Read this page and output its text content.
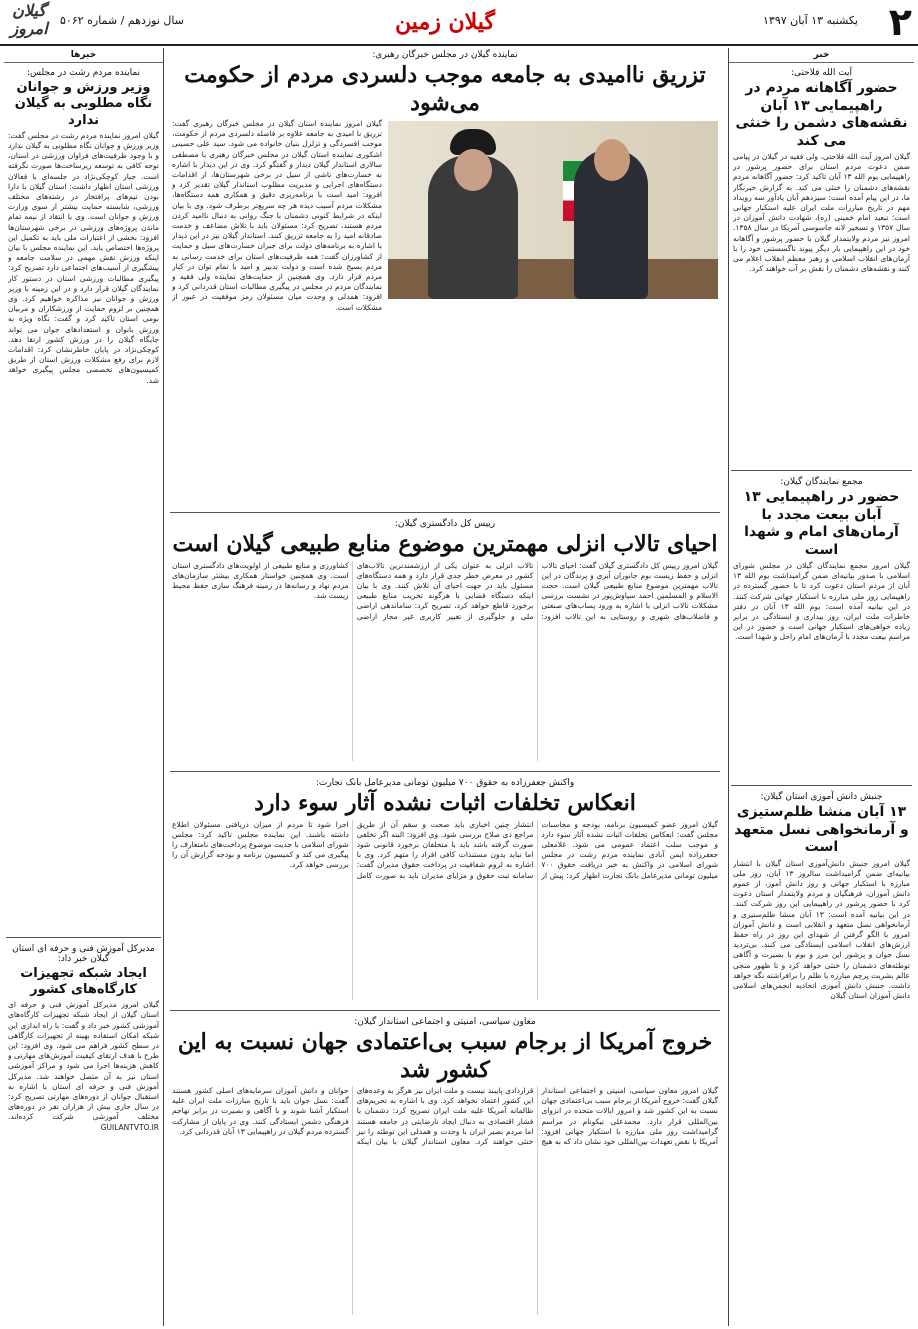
۲
یکشنبه ۱۳ آبان ۱۳۹۷
گیلان زمین
سال نوزدهم / شماره ۵۰۶۲
گیلان امروز
خبر
آیت الله فلاحتی:
حضور آگاهانه مردم در راهپیمایی ۱۳ آبان نقشه‌های دشمن را خنثی می کند
گیلان امروز آیت الله فلاحتی، ولی فقیه در گیلان در پیامی ضمن دعوت مردم استان برای حضور پرشور در راهپیمایی یوم الله ۱۳ آبان تاکید کرد: حضور آگاهانه مردم نقشه‌های دشمنان را خنثی می کند. به گزارش خبرنگار ما، در این پیام آمده است: سیزدهم آبان یادآور سه رویداد مهم در تاریخ مبارزات ملت ایران علیه استکبار جهانی است؛ تبعید امام خمینی (ره)، شهادت دانش آموزان در سال ۱۳۵۷ و تسخیر لانه جاسوسی آمریکا در سال ۱۳۵۸. امروز نیز مردم ولایتمدار گیلان با حضور پرشور و آگاهانه خود در این راهپیمایی بار دیگر پیوند ناگسستنی خود را با آرمان‌های انقلاب اسلامی و رهبر معظم انقلاب اعلام می کنند و نقشه‌های دشمنان را نقش بر آب خواهند کرد.
مجمع نمایندگان گیلان:
حضور در راهپیمایی ۱۳ آبان بیعت مجدد با آرمان‌های امام و شهدا است
گیلان امروز مجمع نمایندگان گیلان در مجلس شورای اسلامی با صدور بیانیه‌ای ضمن گرامیداشت یوم الله ۱۳ آبان از مردم استان دعوت کرد تا با حضور گسترده در راهپیمایی روز ملی مبارزه با استکبار جهانی شرکت کنند. در این بیانیه آمده است: یوم الله ۱۳ آبان در دفتر خاطرات ملت ایران، روز بیداری و ایستادگی در برابر زیاده خواهی‌های استکبار جهانی است و حضور در این مراسم بیعت مجدد با آرمان‌های امام راحل و شهدا است.
جنبش دانش آموزی استان گیلان:
۱۳ آبان منشا ظلم‌ستیزی و آرمانخواهی نسل متعهد است
گیلان امروز جنبش دانش‌آموزی استان گیلان با انتشار بیانیه‌ای ضمن گرامیداشت سالروز ۱۳ آبان، روز ملی مبارزه با استکبار جهانی و روز دانش آموز، از عموم دانش آموزان، فرهنگیان و مردم ولایتمدار استان دعوت کرد با حضور پرشور در راهپیمایی این روز شرکت کنند. در این بیانیه آمده است: ۱۳ آبان منشا ظلم‌ستیزی و آرمانخواهی نسل متعهد و انقلابی است و دانش آموزان امروز با الگو گرفتن از شهدای این روز در راه حفظ ارزش‌های انقلاب اسلامی ایستادگی می کنند. بی‌تردید نسل جوان و پرشور این مرز و بوم با بصیرت و آگاهی توطئه‌های دشمنان را خنثی خواهد کرد و تا ظهور منجی عالم بشریت پرچم مبارزه با ظلم را برافراشته نگه خواهد داشت. جنبش دانش آموزی اتحادیه انجمن‌های اسلامی دانش آموزان استان گیلان
نماینده گیلان در مجلس خبرگان رهبری:
تزریق ناامیدی به جامعه موجب دلسردی مردم از حکومت می‌شود
گیلان امروز نماینده استان گیلان در مجلس خبرگان رهبری گفت: تزریق نا امیدی به جامعه علاوه بر فاصله دلسردی مردم از حکومت، موجب افسردگی و تزلزل بنیان خانواده می شود. سید علی حسینی اشکوری نماینده استان گیلان در مجلس خبرگان رهبری با مصطفی سالاری استاندار گیلان دیدار و گفتگو کرد. وی در این دیدار با اشاره به خسارت‌های ناشی از سیل در برخی شهرستان‌ها، از اقدامات دستگاه‌های اجرایی و مدیریت مطلوب استاندار گیلان تقدیر کرد و افزود: امید است با برنامه‌ریزی دقیق و همکاری همه دستگاه‌ها، مشکلات مردم آسیب دیده هر چه سریع‌تر برطرف شود. وی با بیان اینکه در شرایط کنونی دشمنان با جنگ روانی به دنبال ناامید کردن مردم هستند، تصریح کرد: مسئولان باید با تلاش مضاعف و خدمت صادقانه امید را به جامعه تزریق کنند. استاندار گیلان نیز در این دیدار با اشاره به برنامه‌های دولت برای جبران خسارت‌های سیل و حمایت از کشاورزان گفت: همه ظرفیت‌های استان برای خدمت رسانی به مردم بسیج شده است و دولت تدبیر و امید با تمام توان در کنار مردم قرار دارد. وی همچنین از حمایت‌های نماینده ولی فقیه و نمایندگان مردم در مجلس در پیگیری مطالبات استان قدردانی کرد و افزود: همدلی و وحدت میان مسئولان رمز موفقیت در عبور از مشکلات است.
رییس کل دادگستری گیلان:
احیای تالاب انزلی مهمترین موضوع منابع طبیعی گیلان است
گیلان امروز رییس کل دادگستری گیلان گفت: احیای تالاب انزلی و حفظ زیست بوم جانوران آبزی و پرندگان در این تالاب مهمترین موضوع منابع طبیعی گیلان است. حجت الاسلام و المسلمین احمد سیاوش‌پور در نشست بررسی مشکلات تالاب انزلی با اشاره به ورود پساب‌های صنعتی و فاضلاب‌های شهری و روستایی به این تالاب افزود: تالاب انزلی به عنوان یکی از ارزشمندترین تالاب‌های کشور در معرض خطر جدی قرار دارد و همه دستگاه‌های مسئول باید در جهت احیای آن تلاش کنند. وی با بیان اینکه دستگاه قضایی با هرگونه تخریب منابع طبیعی برخورد قاطع خواهد کرد، تصریح کرد: ساماندهی اراضی ملی و جلوگیری از تغییر کاربری غیر مجاز اراضی کشاورزی و منابع طبیعی از اولویت‌های دادگستری استان است. وی همچنین خواستار همکاری بیشتر سازمان‌های مردم نهاد و رسانه‌ها در زمینه فرهنگ سازی حفظ محیط زیست شد.
واکنش جعفرزاده به حقوق ۷۰۰ میلیون تومانی مدیرعامل بانک تجارت:
انعکاس تخلفات اثبات نشده آثار سوء دارد
گیلان امروز عضو کمیسیون برنامه، بودجه و محاسبات مجلس گفت: انعکاس تخلفات اثبات نشده آثار سوء دارد و موجب سلب اعتماد عمومی می شود. غلامعلی جعفرزاده ایمن آبادی نماینده مردم رشت در مجلس شورای اسلامی در واکنش به خبر دریافت حقوق ۷۰۰ میلیون تومانی مدیرعامل بانک تجارت اظهار کرد: پیش از انتشار چنین اخباری باید صحت و سقم آن از طریق مراجع ذی صلاح بررسی شود. وی افزود: البته اگر تخلفی صورت گرفته باشد باید با متخلفان برخورد قانونی شود اما نباید بدون مستندات کافی افراد را متهم کرد. وی با اشاره به لزوم شفافیت در پرداخت حقوق مدیران گفت: سامانه ثبت حقوق و مزایای مدیران باید به صورت کامل اجرا شود تا مردم از میزان دریافتی مسئولان اطلاع داشته باشند. این نماینده مجلس تاکید کرد: مجلس شورای اسلامی با جدیت موضوع پرداخت‌های نامتعارف را پیگیری می کند و کمیسیون برنامه و بودجه گزارش آن را بررسی خواهد کرد.
معاون سیاسی، امنیتی و اجتماعی استاندار گیلان:
خروج آمریکا از برجام سبب بی‌اعتمادی جهان نسبت به این کشور شد
گیلان امروز معاون سیاسی، امنیتی و اجتماعی استاندار گیلان گفت: خروج آمریکا از برجام سبب بی‌اعتمادی جهان نسبت به این کشور شد و امروز ایالات متحده در انزوای بین‌المللی قرار دارد. محمدعلی نیکونام در مراسم گرامیداشت روز ملی مبارزه با استکبار جهانی افزود: آمریکا با نقض تعهدات بین‌المللی خود نشان داد که به هیچ قراردادی پایبند نیست و ملت ایران نیز هرگز به وعده‌های این کشور اعتماد نخواهد کرد. وی با اشاره به تحریم‌های ظالمانه آمریکا علیه ملت ایران تصریح کرد: دشمنان با فشار اقتصادی به دنبال ایجاد نارضایتی در جامعه هستند اما مردم بصیر ایران با وحدت و همدلی این توطئه را نیز خنثی خواهند کرد. معاون استاندار گیلان با بیان اینکه جوانان و دانش آموزان سرمایه‌های اصلی کشور هستند گفت: نسل جوان باید با تاریخ مبارزات ملت ایران علیه استکبار آشنا شوند و با آگاهی و بصیرت در برابر تهاجم فرهنگی دشمن ایستادگی کنند. وی در پایان از مشارکت گسترده مردم گیلان در راهپیمایی ۱۳ آبان قدردانی کرد.
خبرها
نماینده مردم رشت در مجلس:
وزیر ورزش و جوانان نگاه مطلوبی به گیلان ندارد
گیلان امروز نماینده مردم رشت در مجلس گفت: وزیر ورزش و جوانان نگاه مطلوبی به گیلان ندارد و با وجود ظرفیت‌های فراوان ورزشی در استان، توجه کافی به توسعه زیرساخت‌ها صورت نگرفته است. جبار کوچکی‌نژاد در جلسه‌ای با فعالان ورزشی استان اظهار داشت: استان گیلان با دارا بودن تیم‌های پرافتخار در رشته‌های مختلف ورزشی، شایسته حمایت بیشتر از سوی وزارت ورزش و جوانان است. وی با انتقاد از نیمه تمام ماندن پروژه‌های ورزشی در برخی شهرستان‌ها افزود: بخشی از اعتبارات ملی باید به تکمیل این پروژه‌ها اختصاص یابد. این نماینده مجلس با بیان اینکه ورزش نقش مهمی در سلامت جامعه و پیشگیری از آسیب‌های اجتماعی دارد تصریح کرد: پیگیری مطالبات ورزشی استان در دستور کار نمایندگان گیلان قرار دارد و در این زمینه با وزیر ورزش و جوانان نیز مذاکره خواهیم کرد. وی همچنین بر لزوم حمایت از ورزشکاران و مربیان بومی استان تاکید کرد و گفت: نگاه ویژه به ورزش بانوان و استعدادهای جوان می تواند جایگاه گیلان را در ورزش کشور ارتقا دهد. کوچکی‌نژاد در پایان خاطرنشان کرد: اقدامات لازم برای رفع مشکلات ورزش استان از طریق کمیسیون‌های تخصصی مجلس پیگیری خواهد شد.
مدیرکل آموزش فنی و حرفه ای استان گیلان خبر داد:
ایجاد شبکه تجهیزات کارگاه‌های کشور
گیلان امروز مدیرکل آموزش فنی و حرفه ای استان گیلان از ایجاد شبکه تجهیزات کارگاه‌های آموزشی کشور خبر داد و گفت: با راه اندازی این شبکه امکان استفاده بهینه از تجهیزات کارگاهی در سطح کشور فراهم می شود. وی افزود: این طرح با هدف ارتقای کیفیت آموزش‌های مهارتی و کاهش هزینه‌ها اجرا می شود و مراکز آموزشی استان نیز به آن متصل خواهند شد. مدیرکل آموزش فنی و حرفه ای استان با اشاره به استقبال جوانان از دوره‌های مهارتی تصریح کرد: در سال جاری بیش از هزاران نفر در دوره‌های مختلف آموزشی شرکت کرده‌اند. GUILANTVTO.IR
